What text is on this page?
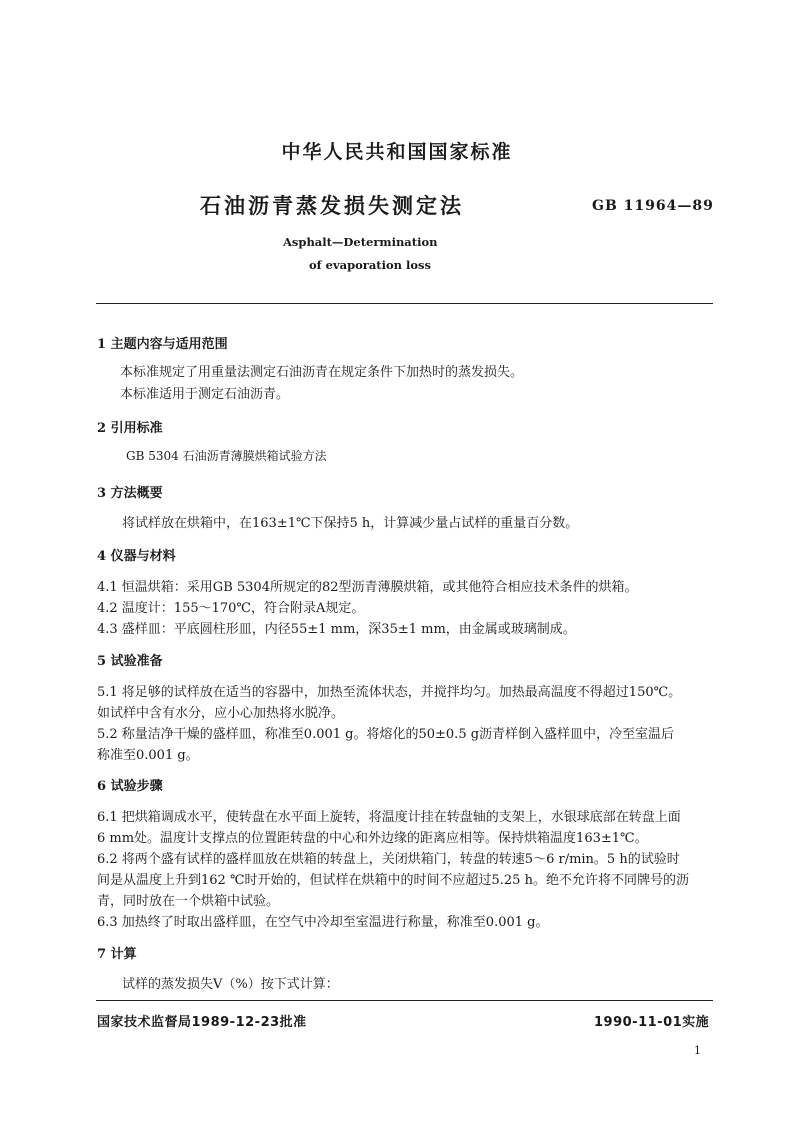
中华人民共和国国家标准
石油沥青蒸发损失测定法	GB 11964—89
Asphalt—Determination
of evaporation loss
1 主题内容与适用范围
本标准规定了用重量法测定石油沥青在规定条件下加热时的蒸发损失。
本标准适用于测定石油沥青。
2 引用标准
GB 5304 石油沥青薄膜烘箱试验方法
3 方法概要
将试样放在烘箱中，在163±1℃下保持5 h，计算减少量占试样的重量百分数。
4 仪器与材料
4.1 恒温烘箱：采用GB 5304所规定的82型沥青薄膜烘箱，或其他符合相应技术条件的烘箱。
4.2 温度计：155～170℃，符合附录A规定。
4.3 盛样皿：平底圆柱形皿，内径55±1 mm，深35±1 mm，由金属或玻璃制成。
5 试验准备
5.1 将足够的试样放在适当的容器中，加热至流体状态，并搅拌均匀。加热最高温度不得超过150℃。
如试样中含有水分，应小心加热将水脱净。
5.2 称量洁净干燥的盛样皿，称准至0.001 g。将熔化的50±0.5 g沥青样倒入盛样皿中，冷至室温后
称准至0.001 g。
6 试验步骤
6.1 把烘箱调成水平，使转盘在水平面上旋转，将温度计挂在转盘轴的支架上，水银球底部在转盘上面
6 mm处。温度计支撑点的位置距转盘的中心和外边缘的距离应相等。保持烘箱温度163±1℃。
6.2 将两个盛有试样的盛样皿放在烘箱的转盘上，关闭烘箱门，转盘的转速5～6 r/min。5 h的试验时
间是从温度上升到162 ℃时开始的，但试样在烘箱中的时间不应超过5.25 h。绝不允许将不同牌号的沥
青，同时放在一个烘箱中试验。
6.3 加热终了时取出盛样皿，在空气中冷却至室温进行称量，称准至0.001 g。
7 计算
试样的蒸发损失V（%）按下式计算：
国家技术监督局1989-12-23批准	1990-11-01实施
1
